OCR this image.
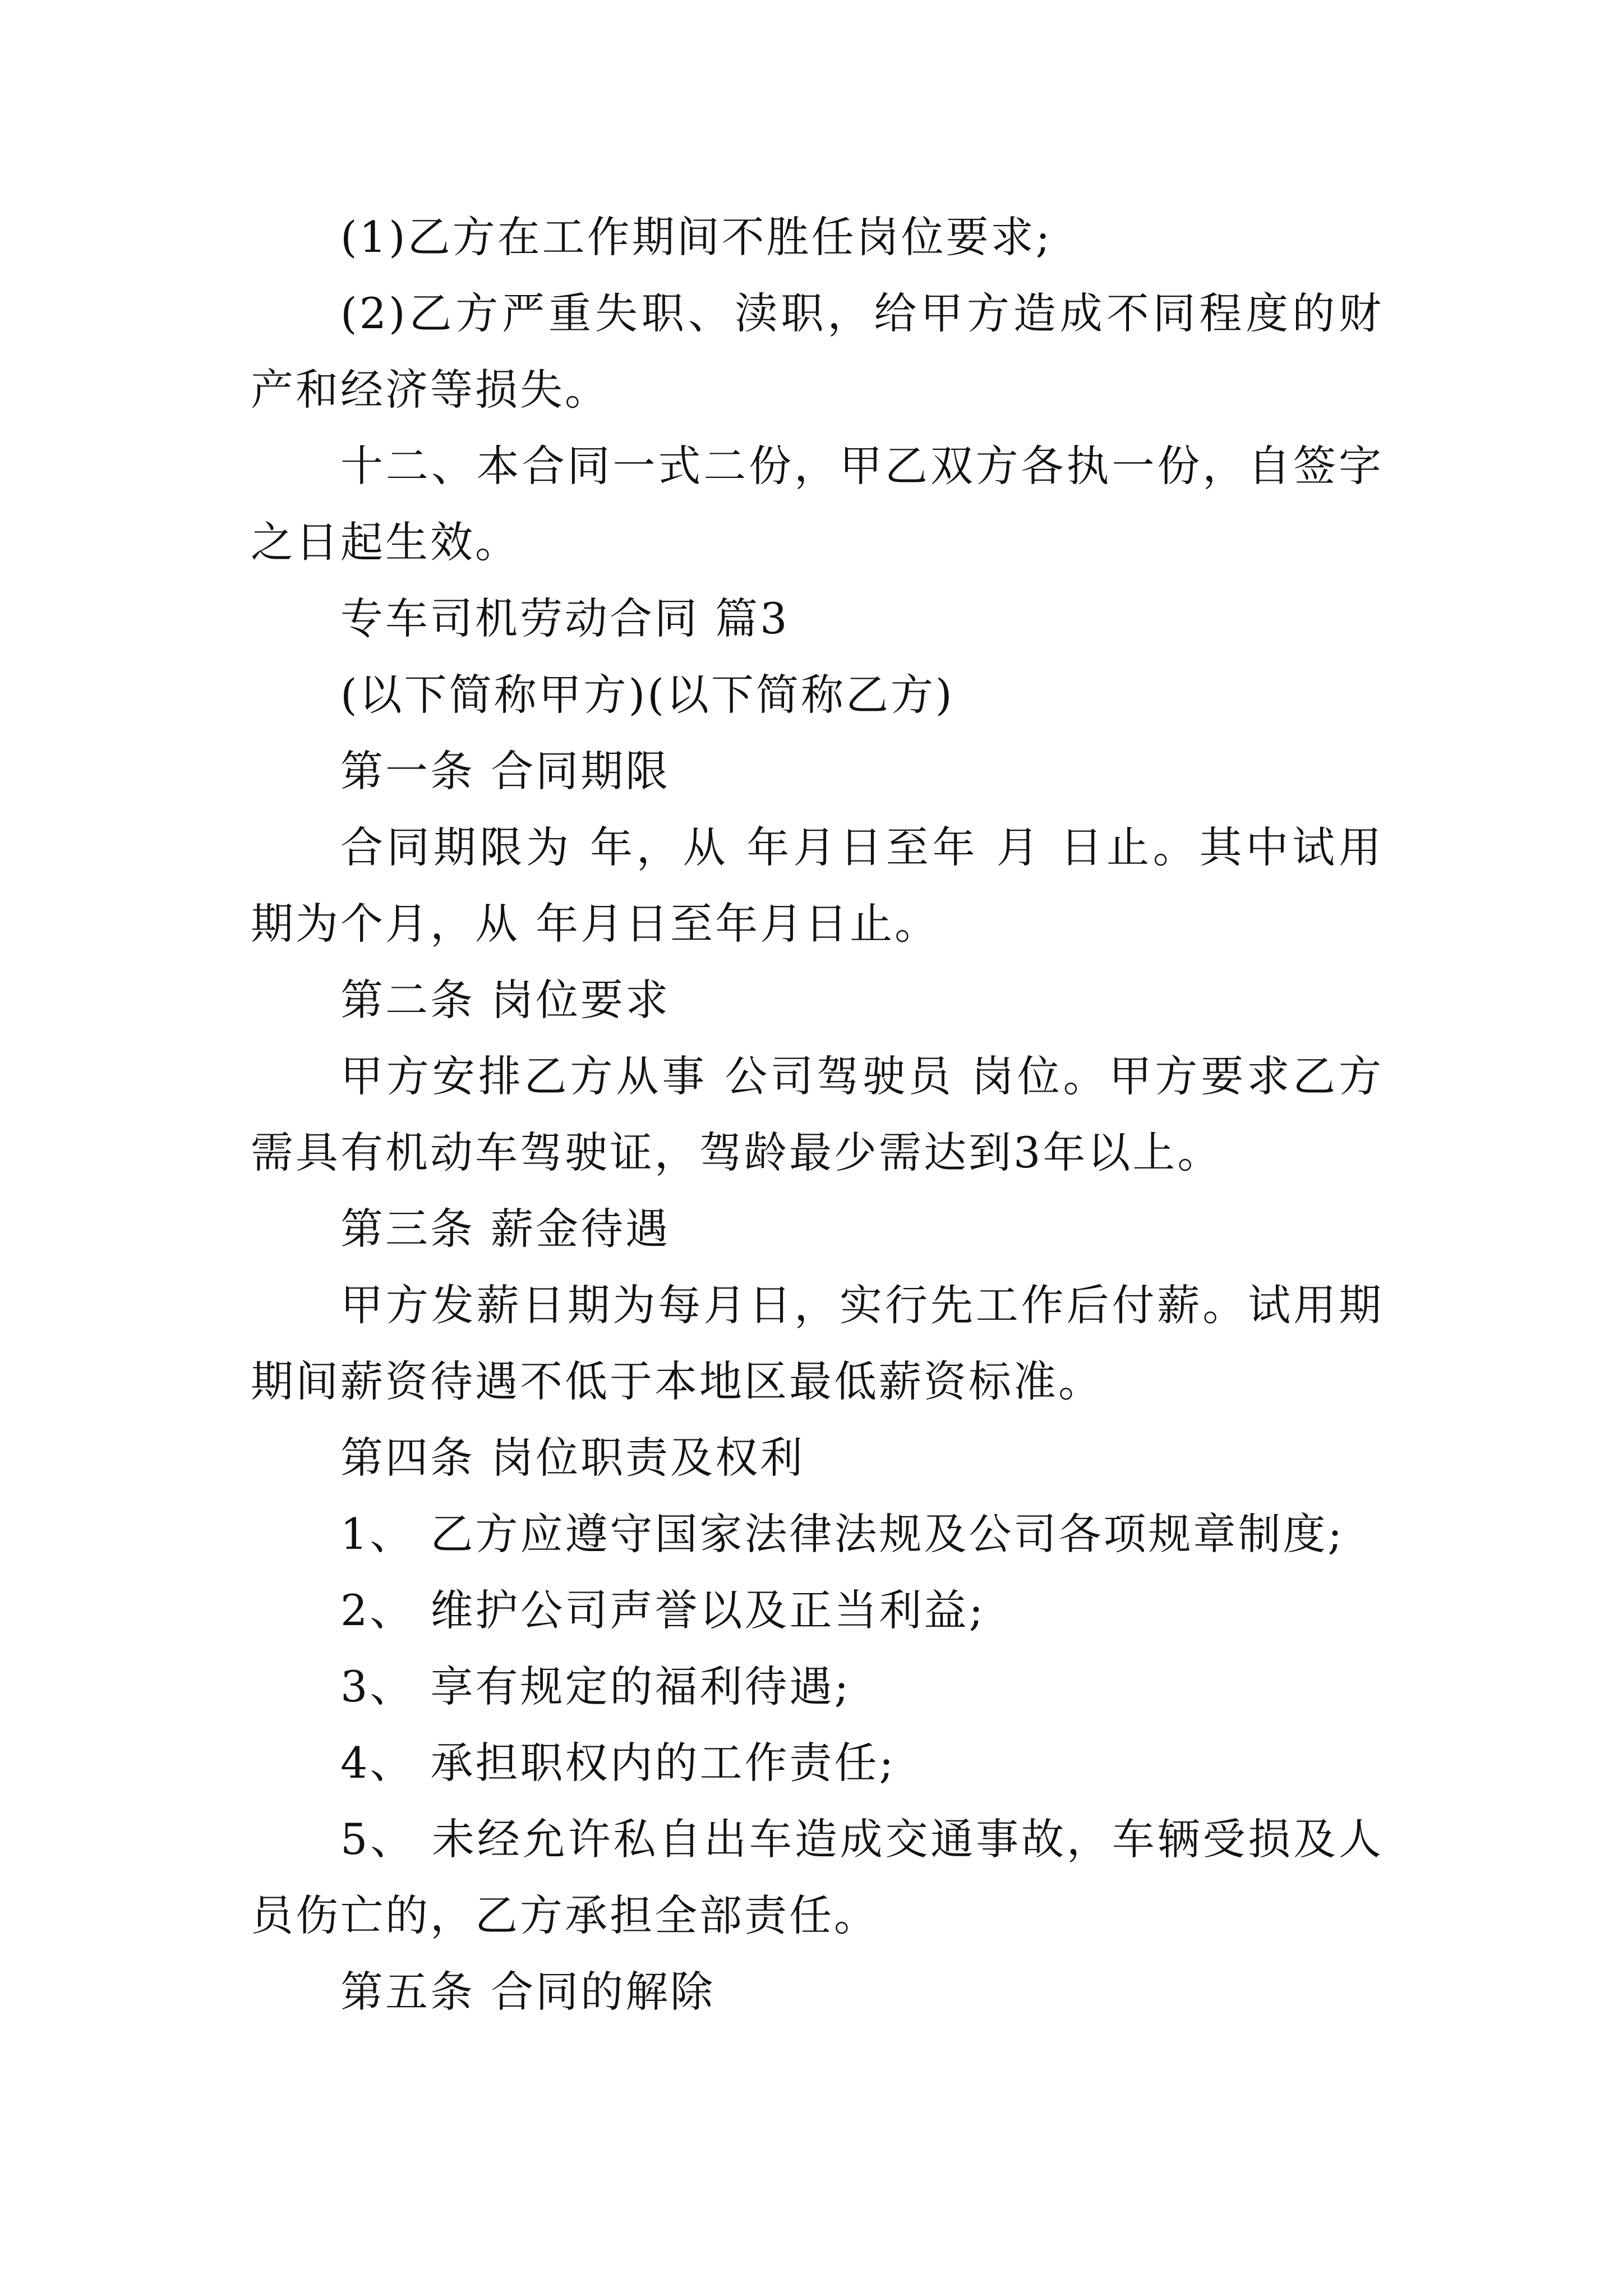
(1)乙方在工作期间不胜任岗位要求;

(2)乙方严重失职、渎职，给甲方造成不同程度的财产和经济等损失。

十二、本合同一式二份，甲乙双方各执一份，自签字之日起生效。

专车司机劳动合同 篇3

(以下简称甲方)(以下简称乙方)

第一条 合同期限

合同期限为 年，从 年月日至年 月 日止。其中试用期为个月，从 年月日至年月日止。

第二条 岗位要求

甲方安排乙方从事 公司驾驶员 岗位。甲方要求乙方需具有机动车驾驶证，驾龄最少需达到3年以上。

第三条 薪金待遇

甲方发薪日期为每月日，实行先工作后付薪。试用期期间薪资待遇不低于本地区最低薪资标准。

第四条 岗位职责及权利

1、 乙方应遵守国家法律法规及公司各项规章制度;

2、 维护公司声誉以及正当利益;

3、 享有规定的福利待遇;

4、 承担职权内的工作责任;

5、 未经允许私自出车造成交通事故，车辆受损及人员伤亡的，乙方承担全部责任。

第五条 合同的解除
